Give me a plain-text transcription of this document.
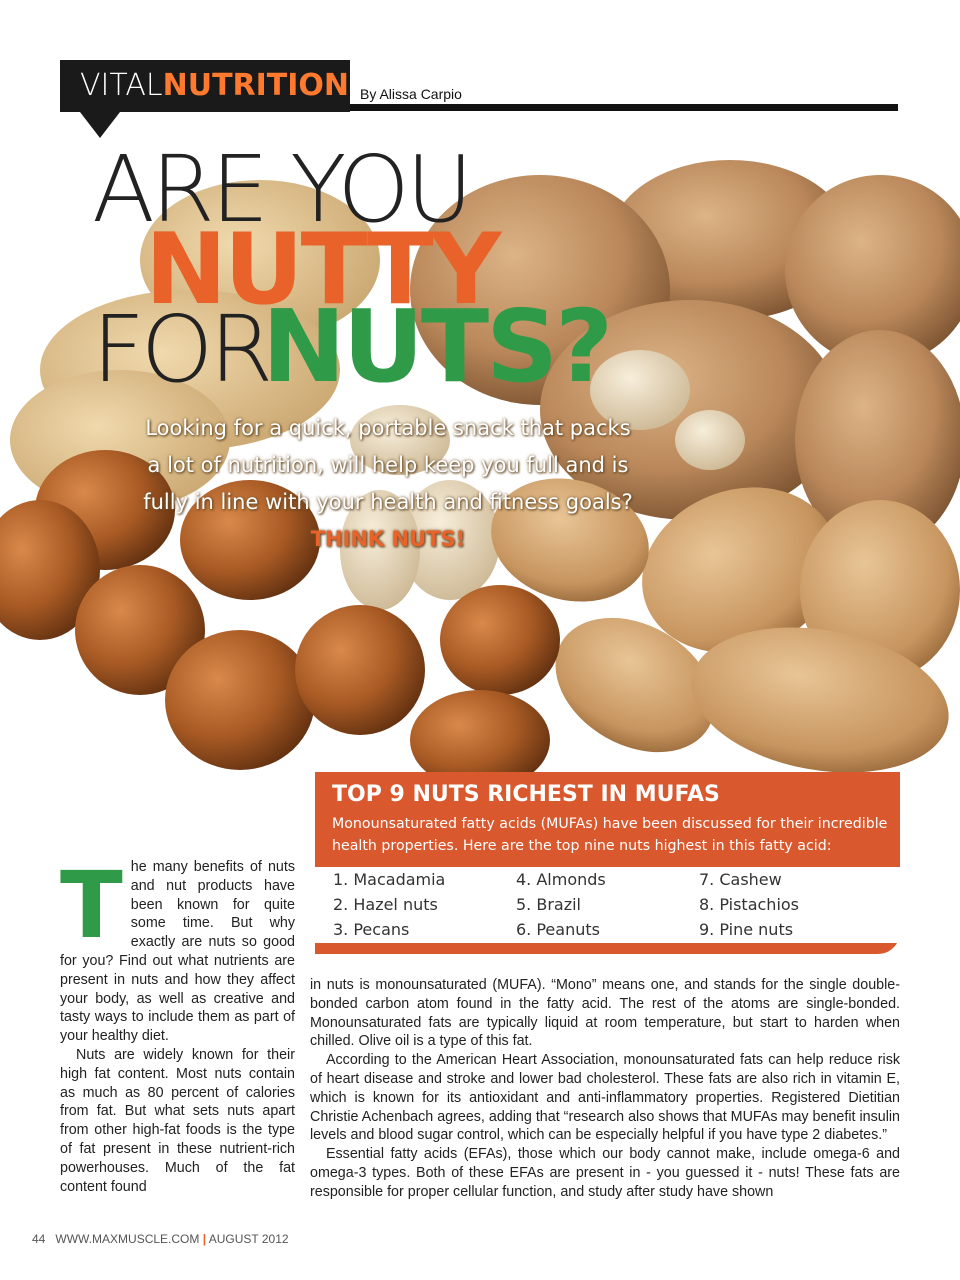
VITALNUTRITION By Alissa Carpio
ARE YOU
NUTTY
FOR
NUTS?
Looking for a quick, portable snack that packs a lot of nutrition, will help keep you full and is fully in line with your health and fitness goals? THINK NUTS!
TOP 9 NUTS RICHEST IN MUFAS
Monounsaturated fatty acids (MUFAs) have been discussed for their incredible health properties. Here are the top nine nuts highest in this fatty acid:
1. Macadamia
2. Hazel nuts
3. Pecans
4. Almonds
5. Brazil
6. Peanuts
7. Cashew
8. Pistachios
9. Pine nuts
T he many benefits of nuts and nut products have been known for quite some time. But why exactly are nuts so good for you? Find out what nutrients are present in nuts and how they affect your body, as well as creative and tasty ways to include them as part of your healthy diet.

Nuts are widely known for their high fat content. Most nuts contain as much as 80 percent of calories from fat. But what sets nuts apart from other high-fat foods is the type of fat present in these nutrient-rich powerhouses. Much of the fat content found

in nuts is monounsaturated (MUFA). “Mono” means one, and stands for the single double-bonded carbon atom found in the fatty acid. The rest of the atoms are single-bonded. Monounsaturated fats are typically liquid at room temperature, but start to harden when chilled. Olive oil is a type of this fat.

According to the American Heart Association, monounsaturated fats can help reduce risk of heart disease and stroke and lower bad cholesterol. These fats are also rich in vitamin E, which is known for its antioxidant and anti-inflammatory properties. Registered Dietitian Christie Achenbach agrees, adding that “research also shows that MUFAs may benefit insulin levels and blood sugar control, which can be especially helpful if you have type 2 diabetes.”

Essential fatty acids (EFAs), those which our body cannot make, include omega-6 and omega-3 types. Both of these EFAs are present in - you guessed it - nuts! These fats are responsible for proper cellular function, and study after study have shown

44 WWW.MAXMUSCLE.COM | AUGUST 2012
